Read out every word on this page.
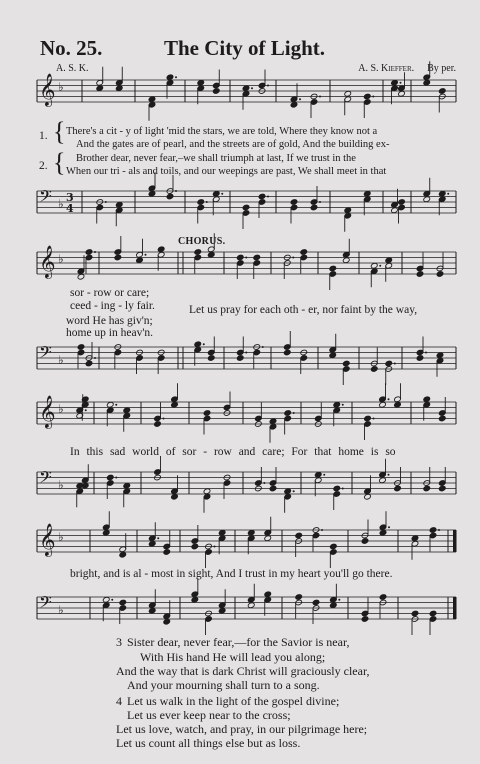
No. 25.	The City of Light.
A. S. K.	A. S. Kieffer. By per.
𝄞 ♭
1. { There's a cit - y of light 'mid the stars, we are told, Where they know not a
And the gates are of pearl, and the streets are of gold, And the building ex-
2. { Brother dear, never fear,–we shall triumph at last, If we trust in the
When our tri - als and toils, and our weepings are past, We shall meet in that
𝄢 ♭ 3
4
CHORUS.
𝄞 ♭
sor - row or care;
ceed - ing - ly fair.
word He has giv'n;
home up in heav'n.
Let us pray for each oth - er, nor faint by the way,
𝄢 ♭
𝄞 ♭
In this sad world of sor - row and care; For that home is so
𝄢 ♭
𝄞 ♭
bright, and is al - most in sight, And I trust in my heart you'll go there.
𝄢 ♭
3 Sister dear, never fear,—for the Savior is near,
With His hand He will lead you along;
And the way that is dark Christ will graciously clear,
And your mourning shall turn to a song.
4 Let us walk in the light of the gospel divine;
Let us ever keep near to the cross;
Let us love, watch, and pray, in our pilgrimage here;
Let us count all things else but as loss.
